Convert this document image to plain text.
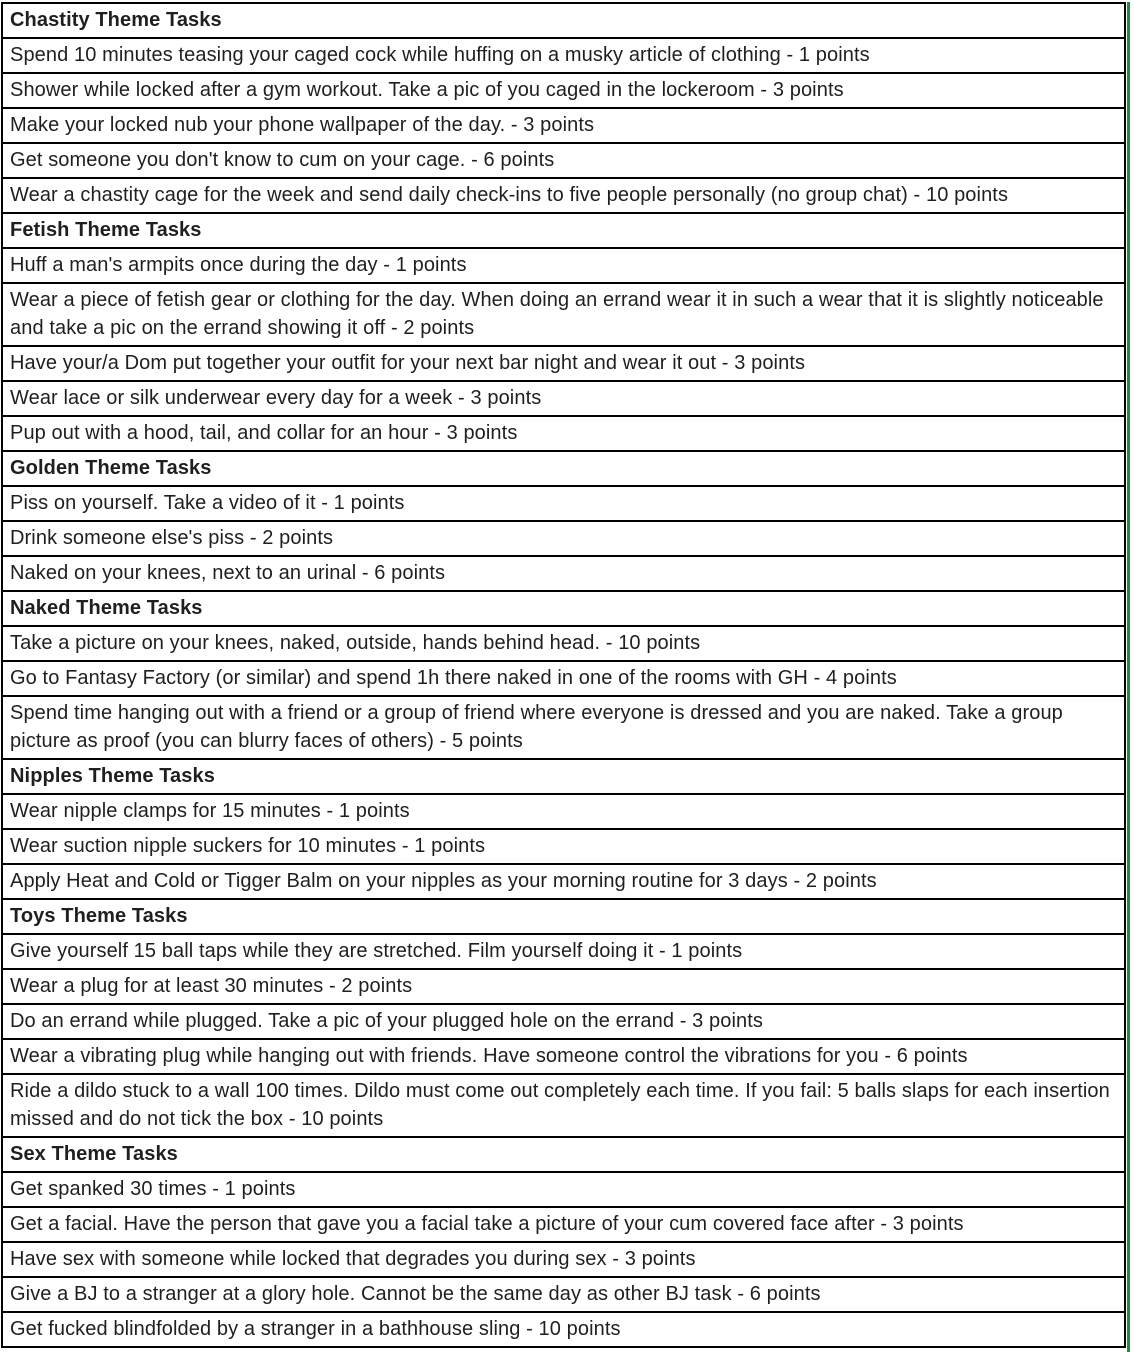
Chastity Theme Tasks
Spend 10 minutes teasing your caged cock while huffing on a musky article of clothing - 1 points
Shower while locked after a gym workout. Take a pic of you caged in the lockeroom - 3 points
Make your locked nub your phone wallpaper of the day. - 3 points
Get someone you don't know to cum on your cage. - 6 points
Wear a chastity cage for the week and send daily check-ins to five people personally (no group chat) - 10 points
Fetish Theme Tasks
Huff a man's armpits once during the day - 1 points
Wear a piece of fetish gear or clothing for the day. When doing an errand wear it in such a wear that it is slightly noticeable and take a pic on the errand showing it off - 2 points
Have your/a Dom put together your outfit for your next bar night and wear it out - 3 points
Wear lace or silk underwear every day for a week - 3 points
Pup out with a hood, tail, and collar for an hour - 3 points
Golden Theme Tasks
Piss on yourself. Take a video of it - 1 points
Drink someone else's piss - 2 points
Naked on your knees, next to an urinal - 6 points
Naked Theme Tasks
Take a picture on your knees, naked, outside, hands behind head. - 10 points
Go to Fantasy Factory (or similar) and spend 1h there naked in one of the rooms with GH - 4 points
Spend time hanging out with a friend or a group of friend where everyone is dressed and you are naked. Take a group picture as proof (you can blurry faces of others) - 5 points
Nipples Theme Tasks
Wear nipple clamps for 15 minutes - 1 points
Wear suction nipple suckers for 10 minutes - 1 points
Apply Heat and Cold or Tigger Balm on your nipples as your morning routine for 3 days - 2 points
Toys Theme Tasks
Give yourself 15 ball taps while they are stretched. Film yourself doing it - 1 points
Wear a plug for at least 30 minutes - 2 points
Do an errand while plugged. Take a pic of your plugged hole on the errand - 3 points
Wear a vibrating plug while hanging out with friends. Have someone control the vibrations for you - 6 points
Ride a dildo stuck to a wall 100 times. Dildo must come out completely each time. If you fail: 5 balls slaps for each insertion missed and do not tick the box - 10 points
Sex Theme Tasks
Get spanked 30 times - 1 points
Get a facial. Have the person that gave you a facial take a picture of your cum covered face after - 3 points
Have sex with someone while locked that degrades you during sex - 3 points
Give a BJ to a stranger at a glory hole. Cannot be the same day as other BJ task - 6 points
Get fucked blindfolded by a stranger in a bathhouse sling - 10 points
